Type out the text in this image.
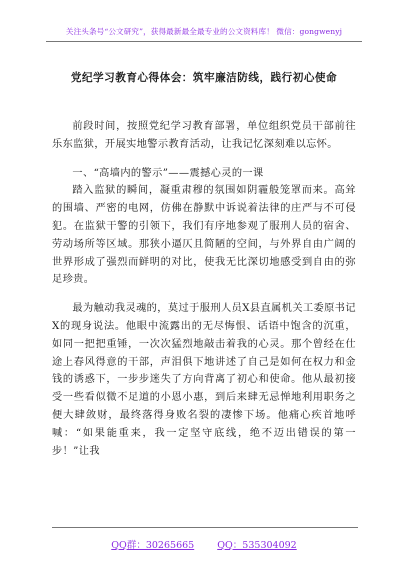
关注头条号“公文研究”，获得最新最全最专业的公文资料库！ 微信：gongwenyj
党纪学习教育心得体会：筑牢廉洁防线，践行初心使命

前段时间，按照党纪学习教育部署，单位组织党员干部前往乐东监狱，开展实地警示教育活动，让我记忆深刻难以忘怀。

一、“高墙内的警示”——震撼心灵的一课

踏入监狱的瞬间，凝重肃穆的氛围如阴霾般笼罩而来。高耸的围墙、严密的电网，仿佛在静默中诉说着法律的庄严与不可侵犯。在监狱干警的引领下，我们有序地参观了服刑人员的宿舍、劳动场所等区域。那狭小逼仄且简陋的空间，与外界自由广阔的世界形成了强烈而鲜明的对比，使我无比深切地感受到自由的弥足珍贵。

最为触动我灵魂的，莫过于服刑人员X县直属机关工委原书记X的现身说法。他眼中流露出的无尽悔恨、话语中饱含的沉重，如同一把把重锤，一次次猛烈地敲击着我的心灵。那个曾经在仕途上春风得意的干部，声泪俱下地讲述了自己是如何在权力和金钱的诱惑下，一步步迷失了方向背离了初心和使命。他从最初接受一些看似微不足道的小恩小惠，到后来肆无忌惮地利用职务之便大肆敛财，最终落得身败名裂的凄惨下场。他痛心疾首地呼喊：“如果能重来，我一定坚守底线，绝不迈出错误的第一步！”让我

QQ群：30265665 QQ：535304092
